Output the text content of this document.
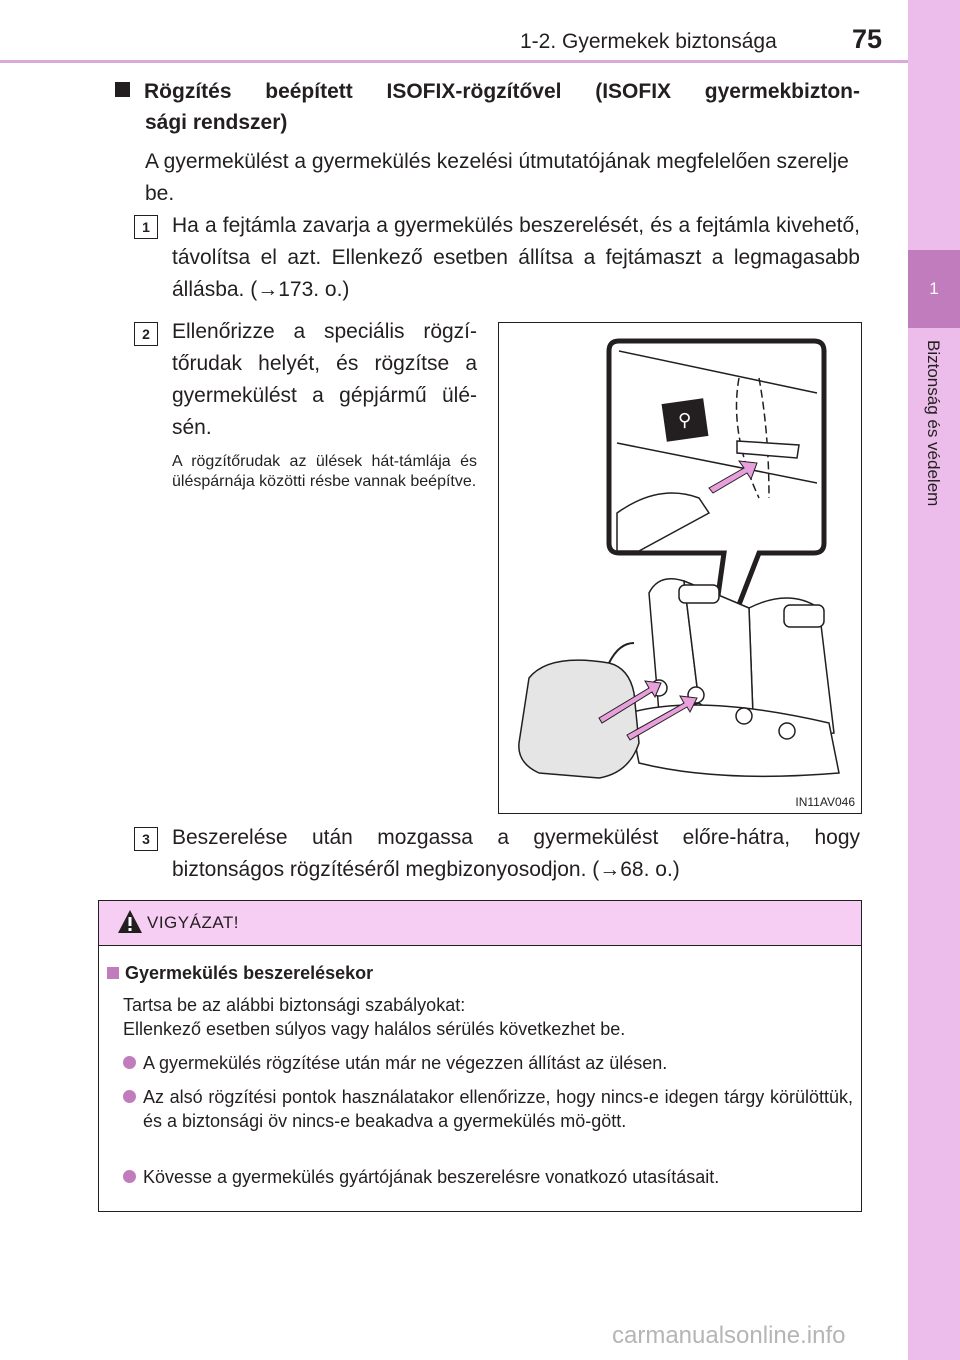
1-2. Gyermekek biztonsága	75
1
Biztonság és védelem
Rögzítés beépített ISOFIX-rögzítővel (ISOFIX gyermekbizton-
sági rendszer)
A gyermekülést a gyermekülés kezelési útmutatójának megfelelően szerelje be.
1	Ha a fejtámla zavarja a gyermekülés beszerelését, és a fejtámla kivehető, távolítsa el azt. Ellenkező esetben állítsa a fejtámaszt a legmagasabb állásba. (→173. o.)
2	Ellenőrizze a speciális rögzí-tőrudak helyét, és rögzítse a gyermekülést a gépjármű ülé-sén.
A rögzítőrudak az ülések hát-támlája és üléspárnája közötti résbe vannak beépítve.
⚲
IN11AV046
3	Beszerelése után mozgassa a gyermekülést előre-hátra, hogy biztonságos rögzítéséről megbizonyosodjon. (→68. o.)
VIGYÁZAT!
Gyermekülés beszerelésekor
Tartsa be az alábbi biztonsági szabályokat:
Ellenkező esetben súlyos vagy halálos sérülés következhet be.
A gyermekülés rögzítése után már ne végezzen állítást az ülésen.
Az alsó rögzítési pontok használatakor ellenőrizze, hogy nincs-e idegen tárgy körülöttük, és a biztonsági öv nincs-e beakadva a gyermekülés mö-gött.
Kövesse a gyermekülés gyártójának beszerelésre vonatkozó utasításait.
carmanualsonline.info
